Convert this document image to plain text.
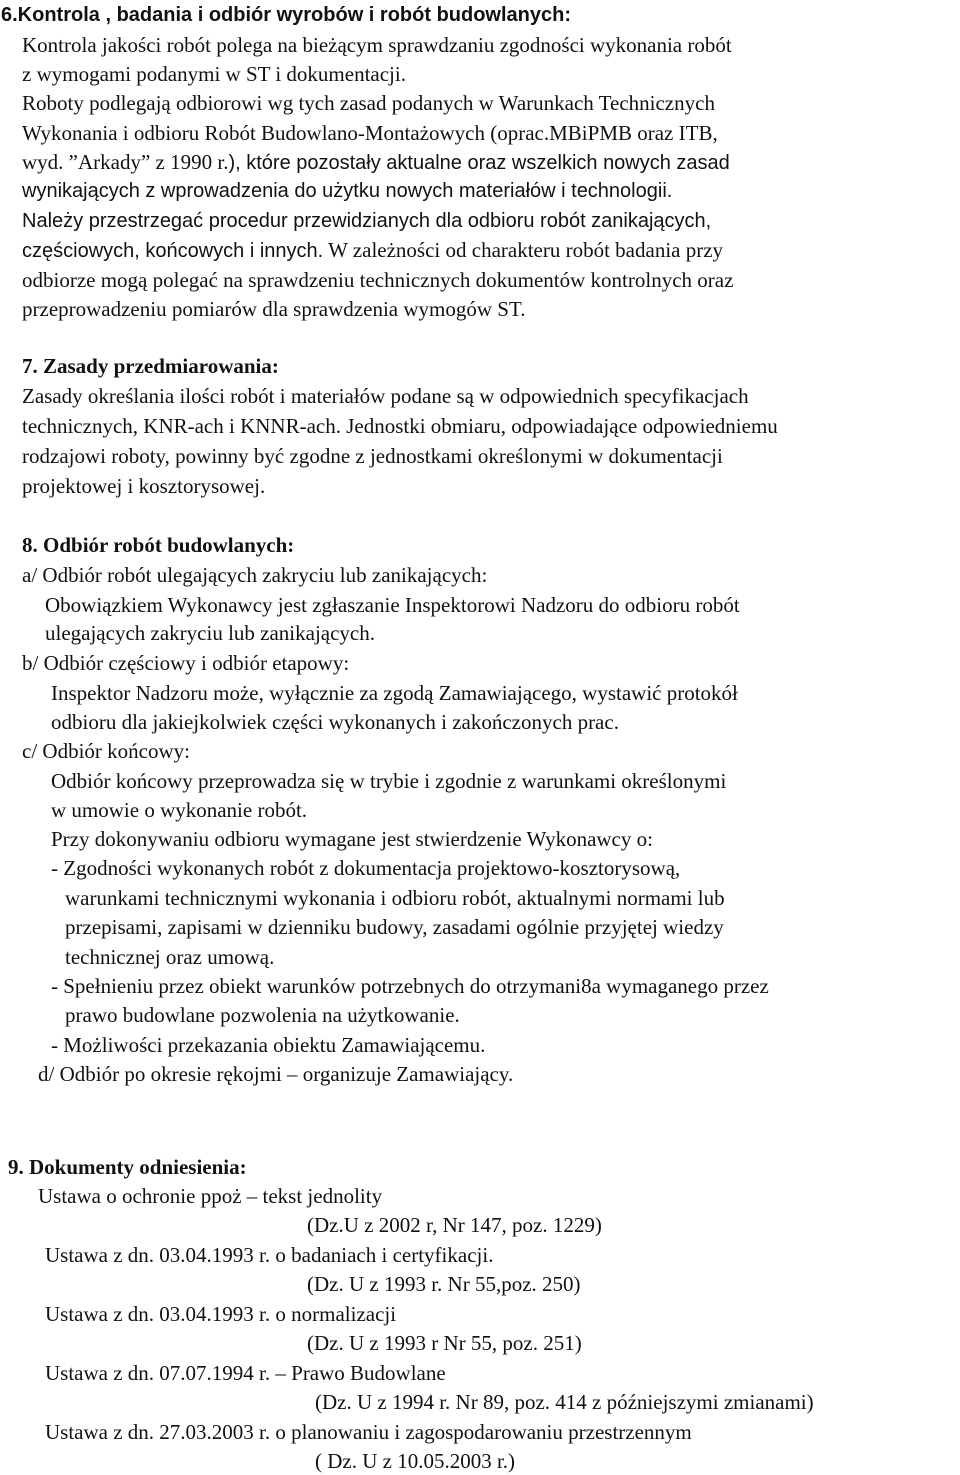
6.Kontrola , badania i odbiór wyrobów i robót budowlanych:
Kontrola jakości robót polega na bieżącym sprawdzaniu zgodności wykonania robót
z wymogami podanymi w ST i dokumentacji.
Roboty podlegają odbiorowi wg tych zasad podanych w Warunkach Technicznych
Wykonania i odbioru Robót Budowlano-Montażowych (oprac.MBiPMB oraz ITB,
wyd. ”Arkady” z 1990 r.), które pozostały aktualne oraz wszelkich nowych zasad
wynikających z wprowadzenia do użytku nowych materiałów i technologii.
Należy przestrzegać procedur przewidzianych dla odbioru robót zanikających,
częściowych, końcowych i innych. W zależności od charakteru robót badania przy
odbiorze mogą polegać na sprawdzeniu technicznych dokumentów kontrolnych oraz
przeprowadzeniu pomiarów dla sprawdzenia wymogów ST.
7. Zasady przedmiarowania:
Zasady określania ilości robót i materiałów podane są w odpowiednich specyfikacjach
technicznych, KNR-ach i KNNR-ach. Jednostki obmiaru, odpowiadające odpowiedniemu
rodzajowi roboty, powinny być zgodne z jednostkami określonymi w dokumentacji
projektowej i kosztorysowej.
8. Odbiór robót budowlanych:
a/ Odbiór robót ulegających zakryciu lub zanikających:
Obowiązkiem Wykonawcy jest zgłaszanie Inspektorowi Nadzoru do odbioru robót
ulegających zakryciu lub zanikających.
b/ Odbiór częściowy i odbiór etapowy:
Inspektor Nadzoru może, wyłącznie za zgodą Zamawiającego, wystawić protokół
odbioru dla jakiejkolwiek części wykonanych i zakończonych prac.
c/ Odbiór końcowy:
Odbiór końcowy przeprowadza się w trybie i zgodnie z warunkami określonymi
w umowie o wykonanie robót.
Przy dokonywaniu odbioru wymagane jest stwierdzenie Wykonawcy o:
- Zgodności wykonanych robót z dokumentacja projektowo-kosztorysową,
warunkami technicznymi wykonania i odbioru robót, aktualnymi normami lub
przepisami, zapisami w dzienniku budowy, zasadami ogólnie przyjętej wiedzy
technicznej oraz umową.
- Spełnieniu przez obiekt warunków potrzebnych do otrzymani8a wymaganego przez
prawo budowlane pozwolenia na użytkowanie.
- Możliwości przekazania obiektu Zamawiającemu.
d/ Odbiór po okresie rękojmi – organizuje Zamawiający.
9. Dokumenty odniesienia:
Ustawa o ochronie ppoż – tekst jednolity
(Dz.U z 2002 r, Nr 147, poz. 1229)
Ustawa z dn. 03.04.1993 r. o badaniach i certyfikacji.
(Dz. U z 1993 r. Nr 55,poz. 250)
Ustawa z dn. 03.04.1993 r. o normalizacji
(Dz. U z 1993 r Nr 55, poz. 251)
Ustawa z dn. 07.07.1994 r. – Prawo Budowlane
(Dz. U z 1994 r. Nr 89, poz. 414 z późniejszymi zmianami)
Ustawa z dn. 27.03.2003 r. o planowaniu i zagospodarowaniu przestrzennym
( Dz. U z 10.05.2003 r.)
